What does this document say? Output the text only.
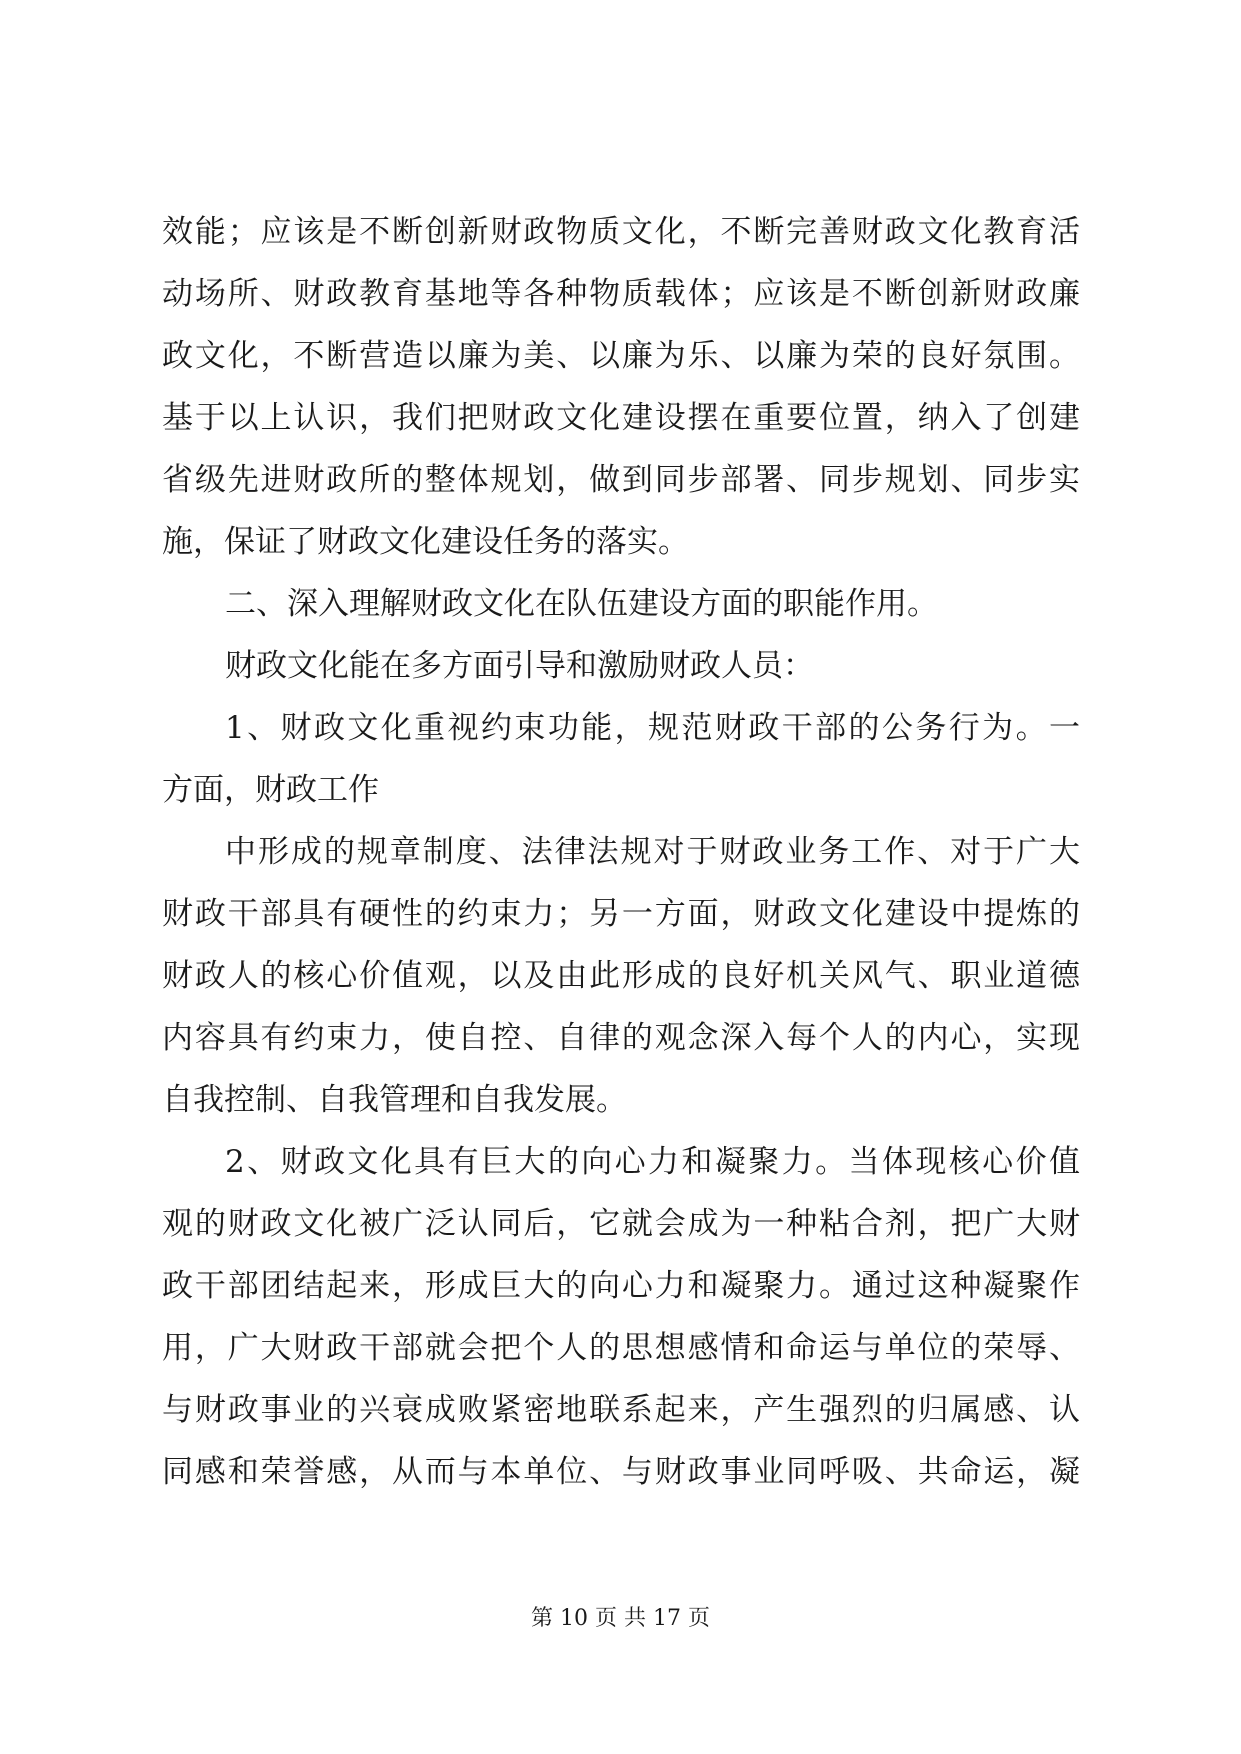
效能；应该是不断创新财政物质文化，不断完善财政文化教育活
动场所、财政教育基地等各种物质载体；应该是不断创新财政廉
政文化，不断营造以廉为美、以廉为乐、以廉为荣的良好氛围。
基于以上认识，我们把财政文化建设摆在重要位置，纳入了创建
省级先进财政所的整体规划，做到同步部署、同步规划、同步实
施，保证了财政文化建设任务的落实。
二、深入理解财政文化在队伍建设方面的职能作用。
财政文化能在多方面引导和激励财政人员：
1、财政文化重视约束功能，规范财政干部的公务行为。一
方面，财政工作
中形成的规章制度、法律法规对于财政业务工作、对于广大
财政干部具有硬性的约束力；另一方面，财政文化建设中提炼的
财政人的核心价值观，以及由此形成的良好机关风气、职业道德
内容具有约束力，使自控、自律的观念深入每个人的内心，实现
自我控制、自我管理和自我发展。
2、财政文化具有巨大的向心力和凝聚力。当体现核心价值
观的财政文化被广泛认同后，它就会成为一种粘合剂，把广大财
政干部团结起来，形成巨大的向心力和凝聚力。通过这种凝聚作
用，广大财政干部就会把个人的思想感情和命运与单位的荣辱、
与财政事业的兴衰成败紧密地联系起来，产生强烈的归属感、认
同感和荣誉感，从而与本单位、与财政事业同呼吸、共命运，凝
第 10 页 共 17 页
